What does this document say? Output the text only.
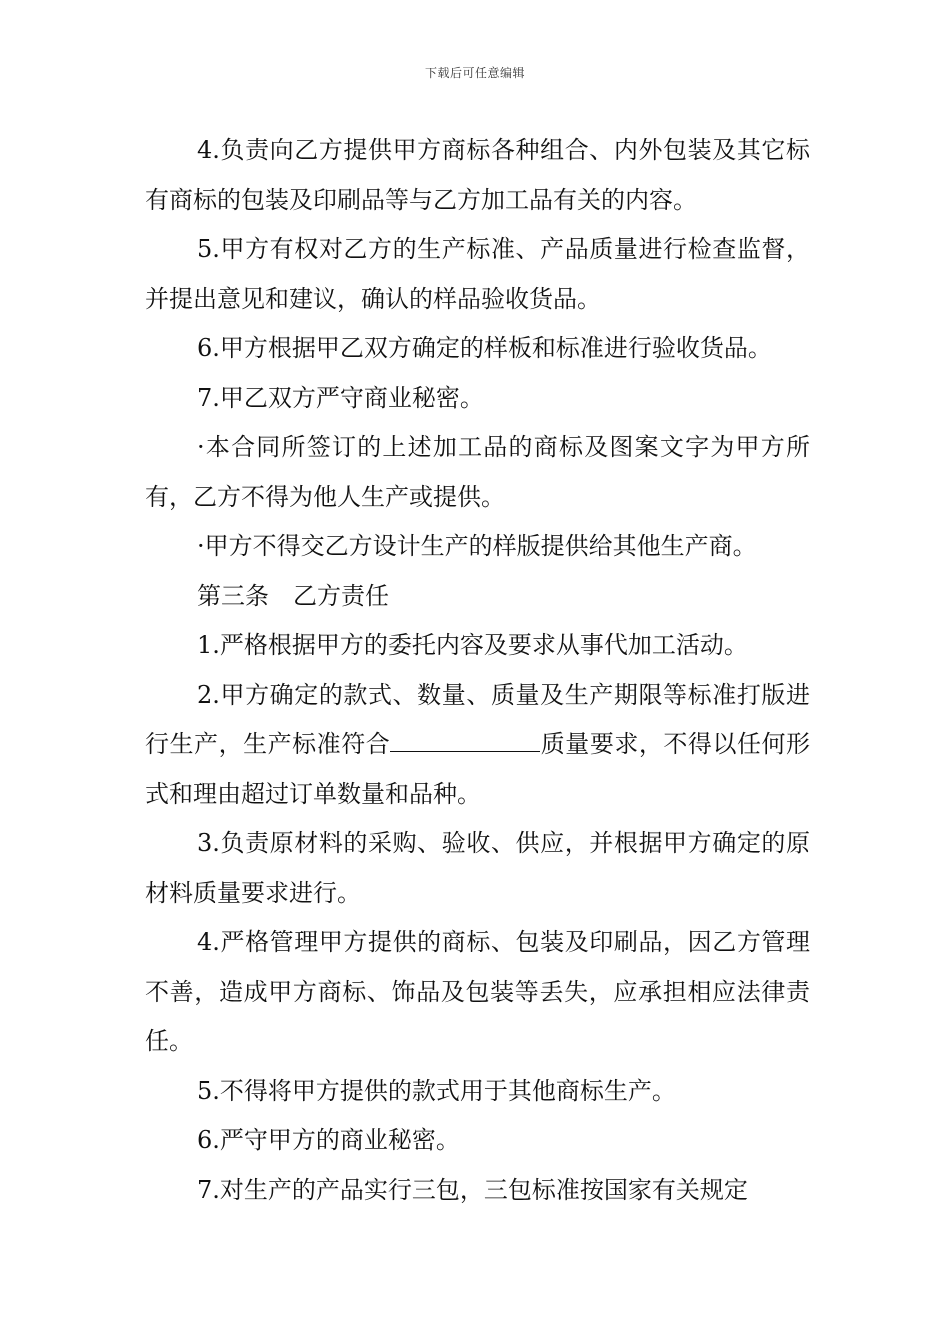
下载后可任意编辑

4.负责向乙方提供甲方商标各种组合、内外包装及其它标有商标的包装及印刷品等与乙方加工品有关的内容。

5.甲方有权对乙方的生产标准、产品质量进行检查监督，并提出意见和建议，确认的样品验收货品。

6.甲方根据甲乙双方确定的样板和标准进行验收货品。

7.甲乙双方严守商业秘密。

·本合同所签订的上述加工品的商标及图案文字为甲方所有，乙方不得为他人生产或提供。

·甲方不得交乙方设计生产的样版提供给其他生产商。

第三条　乙方责任

1.严格根据甲方的委托内容及要求从事代加工活动。

2.甲方确定的款式、数量、质量及生产期限等标准打版进行生产，生产标准符合	质量要求，不得以任何形式和理由超过订单数量和品种。

3.负责原材料的采购、验收、供应，并根据甲方确定的原材料质量要求进行。

4.严格管理甲方提供的商标、包装及印刷品，因乙方管理不善，造成甲方商标、饰品及包装等丢失，应承担相应法律责任。

5.不得将甲方提供的款式用于其他商标生产。

6.严守甲方的商业秘密。

7.对生产的产品实行三包，三包标准按国家有关规定
